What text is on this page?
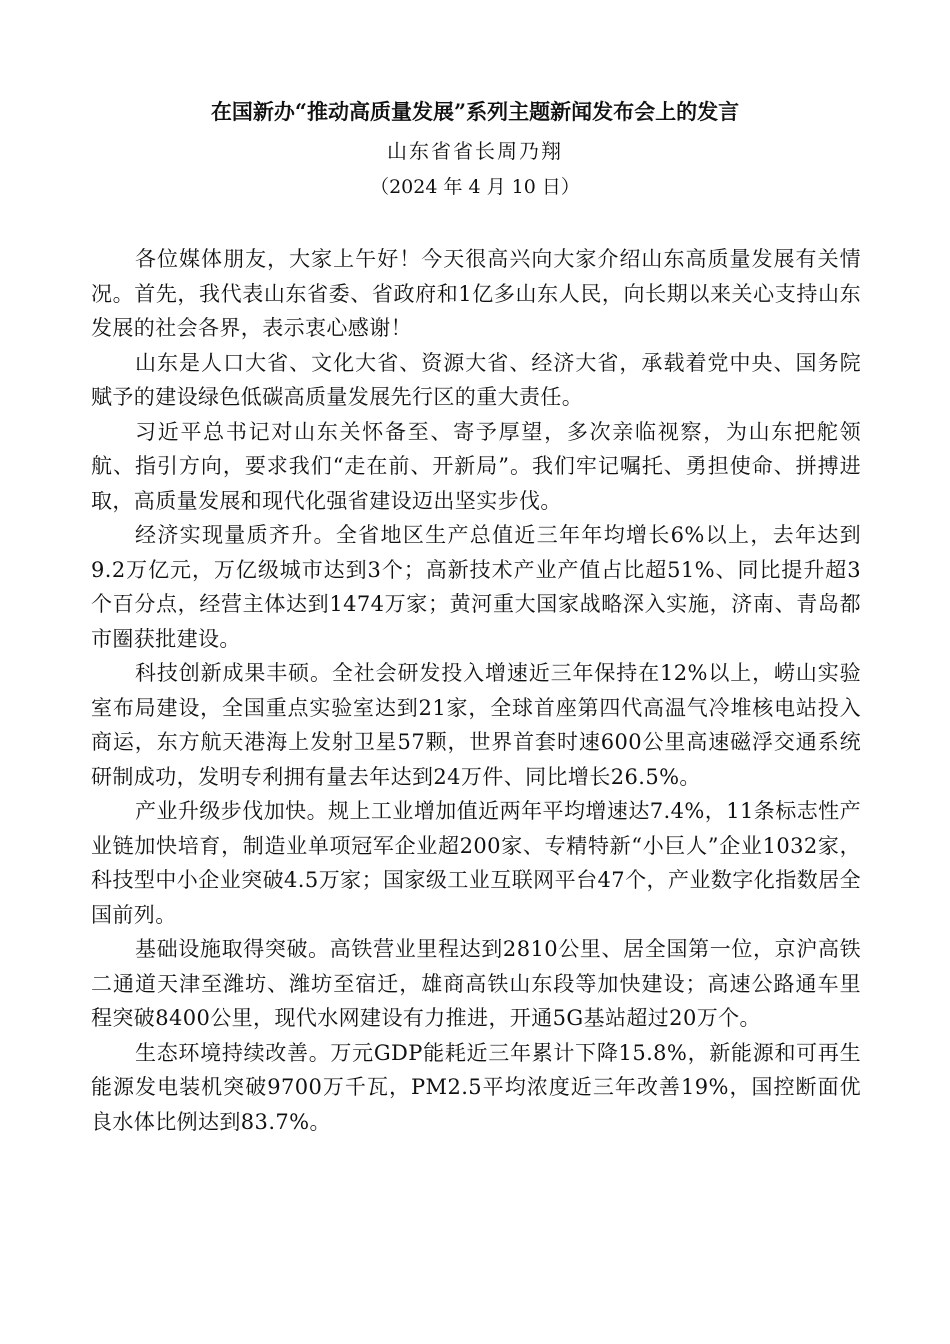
在国新办“推动高质量发展”系列主题新闻发布会上的发言
山东省省长周乃翔
（2024 年 4 月 10 日）

各位媒体朋友，大家上午好！今天很高兴向大家介绍山东高质量发展有关情况。首先，我代表山东省委、省政府和1亿多山东人民，向长期以来关心支持山东发展的社会各界，表示衷心感谢！

山东是人口大省、文化大省、资源大省、经济大省，承载着党中央、国务院赋予的建设绿色低碳高质量发展先行区的重大责任。

习近平总书记对山东关怀备至、寄予厚望，多次亲临视察，为山东把舵领航、指引方向，要求我们“走在前、开新局”。我们牢记嘱托、勇担使命、拼搏进取，高质量发展和现代化强省建设迈出坚实步伐。

经济实现量质齐升。全省地区生产总值近三年年均增长6%以上，去年达到9.2万亿元，万亿级城市达到3个；高新技术产业产值占比超51%、同比提升超3个百分点，经营主体达到1474万家；黄河重大国家战略深入实施，济南、青岛都市圈获批建设。

科技创新成果丰硕。全社会研发投入增速近三年保持在12%以上，崂山实验室布局建设，全国重点实验室达到21家，全球首座第四代高温气冷堆核电站投入商运，东方航天港海上发射卫星57颗，世界首套时速600公里高速磁浮交通系统研制成功，发明专利拥有量去年达到24万件、同比增长26.5%。

产业升级步伐加快。规上工业增加值近两年平均增速达7.4%，11条标志性产业链加快培育，制造业单项冠军企业超200家、专精特新“小巨人”企业1032家，科技型中小企业突破4.5万家；国家级工业互联网平台47个，产业数字化指数居全国前列。

基础设施取得突破。高铁营业里程达到2810公里、居全国第一位，京沪高铁二通道天津至潍坊、潍坊至宿迁，雄商高铁山东段等加快建设；高速公路通车里程突破8400公里，现代水网建设有力推进，开通5G基站超过20万个。

生态环境持续改善。万元GDP能耗近三年累计下降15.8%，新能源和可再生能源发电装机突破9700万千瓦，PM2.5平均浓度近三年改善19%，国控断面优良水体比例达到83.7%。
